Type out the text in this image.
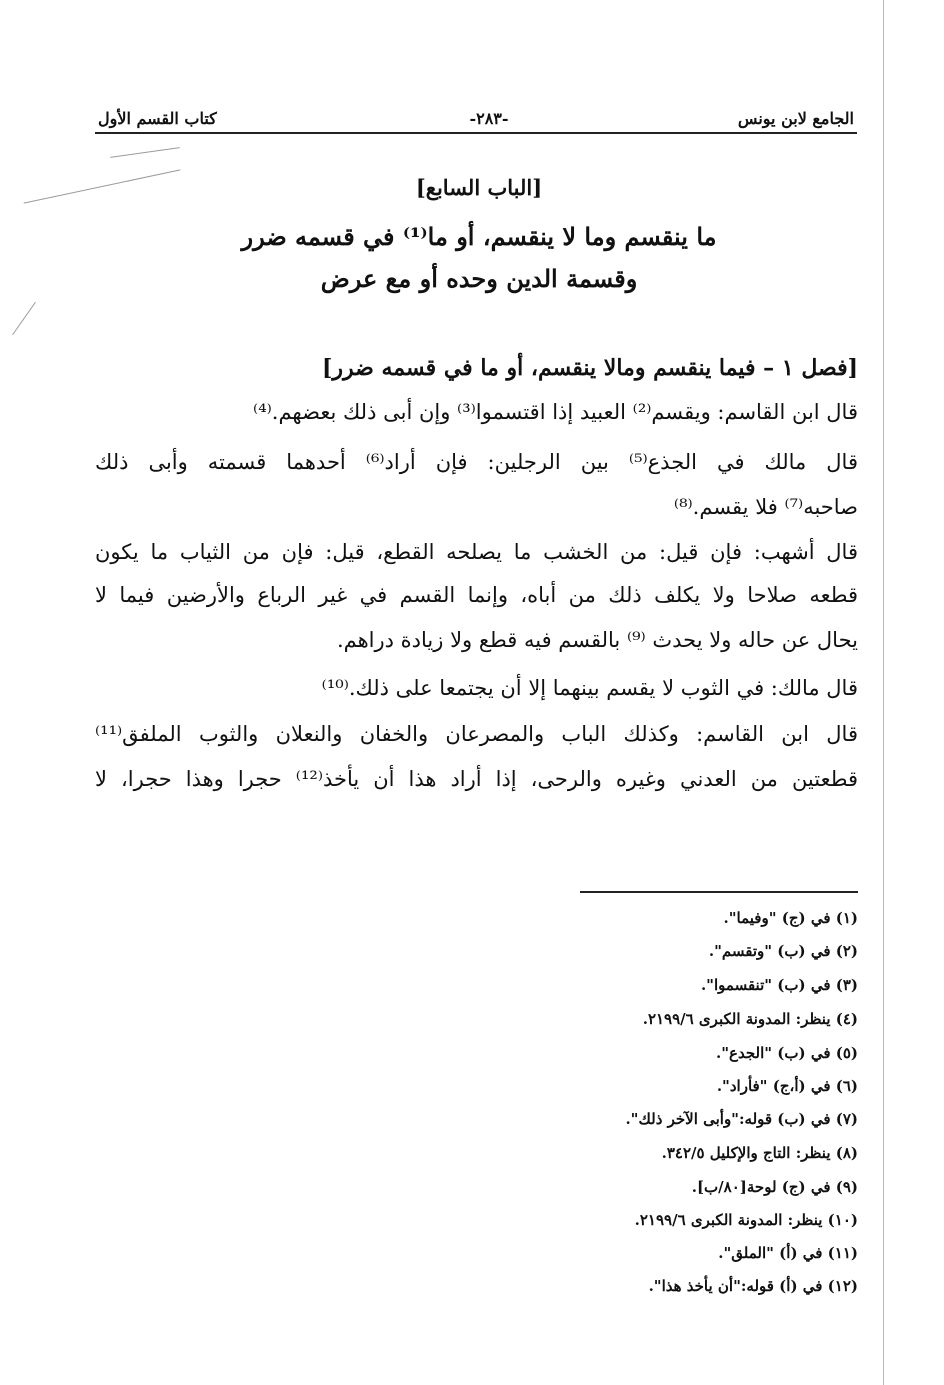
الجامع لابن يونس
-٢٨٣-
كتاب القسم الأول
[الباب السابع]
ما ينقسم وما لا ينقسم، أو ما⁽¹⁾ في قسمه ضرر
وقسمة الدين وحده أو مع عرض
[فصل ١ – فيما ينقسم ومالا ينقسم، أو ما في قسمه ضرر]
قال ابن القاسم: ويقسم⁽²⁾ العبيد إذا اقتسموا⁽³⁾ وإن أبى ذلك بعضهم.⁽⁴⁾
قال مالك في الجذع⁽⁵⁾ بين الرجلين: فإن أراد⁽⁶⁾ أحدهما قسمته وأبى ذلك
صاحبه⁽⁷⁾ فلا يقسم.⁽⁸⁾
قال أشهب: فإن قيل: من الخشب ما يصلحه القطع، قيل: فإن من الثياب ما يكون
قطعه صلاحا ولا يكلف ذلك من أباه، وإنما القسم في غير الرباع والأرضين فيما لا
يحال عن حاله ولا يحدث ⁽⁹⁾ بالقسم فيه قطع ولا زيادة دراهم.
قال مالك: في الثوب لا يقسم بينهما إلا أن يجتمعا على ذلك.⁽¹⁰⁾
قال ابن القاسم: وكذلك الباب والمصرعان والخفان والنعلان والثوب الملفق⁽¹¹⁾
قطعتين من العدني وغيره والرحى، إذا أراد هذا أن يأخذ⁽¹²⁾ حجرا وهذا حجرا، لا
(١) في (ج) "وفيما".
(٢) في (ب) "وتقسم".
(٣) في (ب) "تنقسموا".
(٤) ينظر: المدونة الكبرى ٢١٩٩/٦.
(٥) في (ب) "الجدع".
(٦) في (أ،ج) "فأراد".
(٧) في (ب) قوله:"وأبى الآخر ذلك".
(٨) ينظر: التاج والإكليل ٣٤٢/٥.
(٩) في (ج) لوحة[٨٠/ب].
(١٠) ينظر: المدونة الكبرى ٢١٩٩/٦.
(١١) في (أ) "الملق".
(١٢) في (أ) قوله:"أن يأخذ هذا".
